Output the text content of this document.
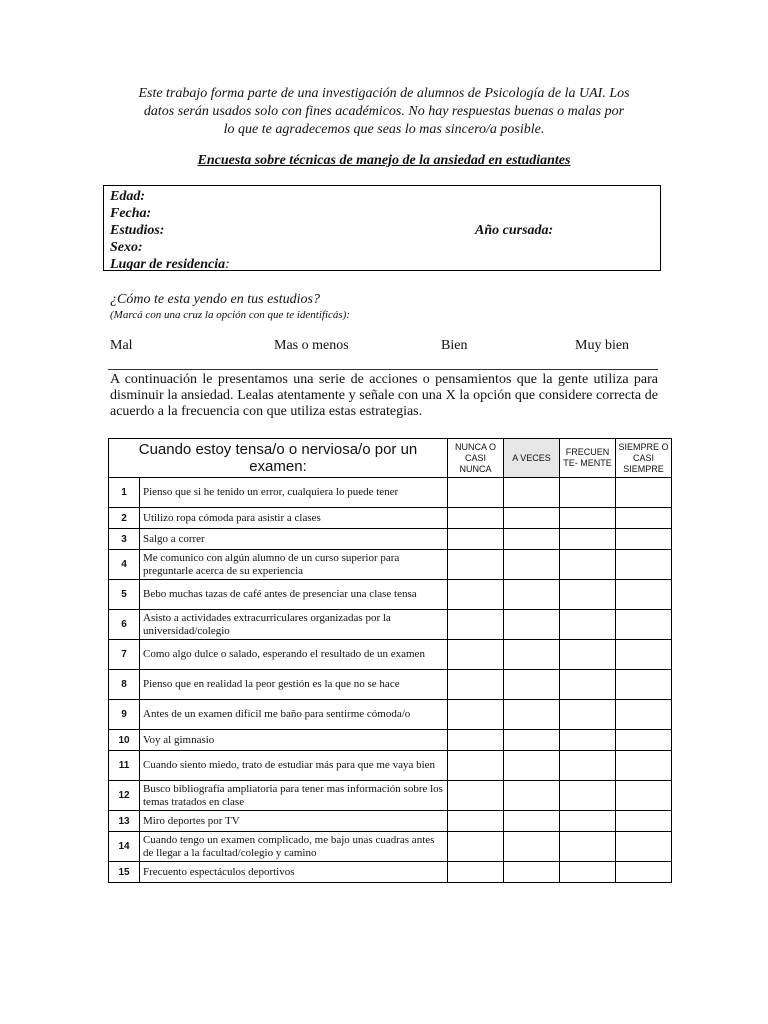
Este trabajo forma parte de una investigación de alumnos de Psicología de la UAI. Los
datos serán usados solo con fines académicos. No hay respuestas buenas o malas por
lo que te agradecemos que seas lo mas sincero/a posible.
Encuesta sobre técnicas de manejo de la ansiedad en estudiantes
Edad:
Fecha:
Estudios:	Año cursada:
Sexo:
Lugar de residencia:
¿Cómo te esta yendo en tus estudios?
(Marcá con una cruz la opción con que te identificás):
Mal	Mas o menos	Bien	Muy bien
A continuación le presentamos una serie de acciones o pensamientos que la gente utiliza para disminuir la ansiedad. Lealas atentamente y señale con una X la opción que considere correcta de acuerdo a la frecuencia con que utiliza estas estrategias.
Cuando estoy tensa/o o nerviosa/o por un examen:		NUNCA O CASI NUNCA	A VECES	FRECUEN TE- MENTE	SIEMPRE O CASI SIEMPRE
1	Pienso que si he tenido un error, cualquiera lo puede tener				
2	Utilizo ropa cómoda para asistir a clases				
3	Salgo a correr				
4	Me comunico con algún alumno de un curso superior para preguntarle acerca de su experiencia				
5	Bebo muchas tazas de café antes de presenciar una clase tensa				
6	Asisto a actividades extracurriculares organizadas por la universidad/colegio				
7	Como algo dulce o salado, esperando el resultado de un examen				
8	Pienso que en realidad la peor gestión es la que no se hace				
9	Antes de un examen difícil me baño para sentirme cómoda/o				
10	Voy al gimnasio				
11	Cuando siento miedo, trato de estudiar más para que me vaya bien				
12	Busco bibliografía ampliatoria para tener mas información sobre los temas tratados en clase				
13	Miro deportes por TV				
14	Cuando tengo un examen complicado, me bajo unas cuadras antes de llegar a la facultad/colegio y camino				
15	Frecuento espectáculos deportivos				
